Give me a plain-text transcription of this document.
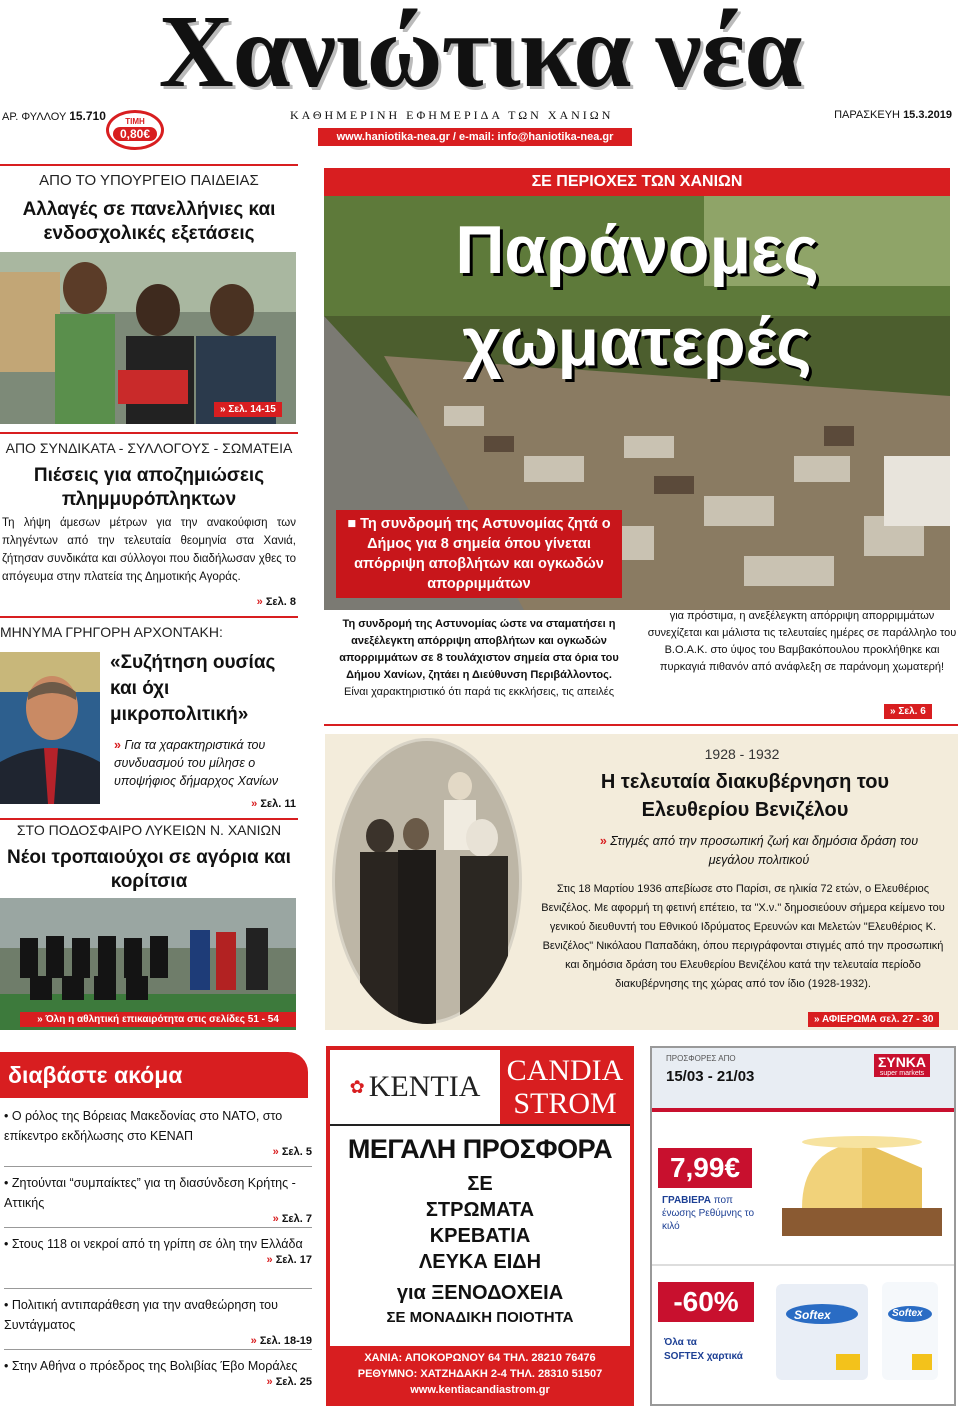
Χανιώτικα νέα
ΑΡ. ΦΥΛΛΟΥ 15.710	ΤΙΜΗ
0,80€
ΚΑΘΗΜΕΡΙΝΗ ΕΦΗΜΕΡΙΔΑ ΤΩΝ ΧΑΝΙΩΝ	ΠΑΡΑΣΚΕΥΗ 15.3.2019
www.haniotika-nea.gr / e-mail: info@haniotika-nea.gr
ΑΠΟ ΤΟ ΥΠΟΥΡΓΕΙΟ ΠΑΙΔΕΙΑΣ
Αλλαγές σε πανελλήνιες και ενδοσχολικές εξετάσεις
» Σελ. 14-15
ΑΠΟ ΣΥΝΔΙΚΑΤΑ - ΣΥΛΛΟΓΟΥΣ - ΣΩΜΑΤΕΙΑ
Πιέσεις για αποζημιώσεις πλημμυρόπληκτων
Τη λήψη άμεσων μέτρων για την ανακούφιση των πληγέντων από την τελευταία θεομηνία στα Χανιά, ζήτησαν συνδικάτα και σύλλογοι που διαδήλωσαν χθες το απόγευμα στην πλατεία της Δημοτικής Αγοράς.
» Σελ. 8
ΜΗΝΥΜΑ ΓΡΗΓΟΡΗ ΑΡΧΟΝΤΑΚΗ:
«Συζήτηση ουσίας και όχι μικροπολιτική»
» Για τα χαρακτηριστικά του συνδυασμού του μίλησε ο υποψήφιος δήμαρχος Χανίων
» Σελ. 11
ΣΤΟ ΠΟΔΟΣΦΑΙΡΟ ΛΥΚΕΙΩΝ Ν. ΧΑΝΙΩΝ
Νέοι τροπαιούχοι σε αγόρια και κορίτσια
» Όλη η αθλητική επικαιρότητα στις σελίδες 51 - 54
ΣΕ ΠΕΡΙΟΧΕΣ ΤΩΝ ΧΑΝΙΩΝ
Παράνομες
χωματερές
■ Τη συνδρομή της Αστυνομίας ζητά ο Δήμος για 8 σημεία όπου γίνεται απόρριψη αποβλήτων και ογκωδών απορριμμάτων
Τη συνδρομή της Αστυνομίας ώστε να σταματήσει η ανεξέλεγκτη απόρριψη αποβλήτων και ογκωδών απορριμμάτων σε 8 τουλάχιστον σημεία στα όρια του Δήμου Χανίων, ζητάει η Διεύθυνση Περιβάλλοντος.
Είναι χαρακτηριστικό ότι παρά τις εκκλήσεις, τις απειλές
για πρόστιμα, η ανεξέλεγκτη απόρριψη απορριμμάτων συνεχίζεται και μάλιστα τις τελευταίες ημέρες σε παράλληλο του Β.Ο.Α.Κ. στο ύψος του Βαμβακόπουλου προκλήθηκε και πυρκαγιά πιθανόν από ανάφλεξη σε παράνομη χωματερή!
» Σελ. 6
1928 - 1932
Η τελευταία διακυβέρνηση του Ελευθερίου Βενιζέλου
» Στιγμές από την προσωπική ζωή και δημόσια δράση του μεγάλου πολιτικού
Στις 18 Μαρτίου 1936 απεβίωσε στο Παρίσι, σε ηλικία 72 ετών, ο Ελευθέριος Βενιζέλος. Με αφορμή τη φετινή επέτειο, τα "Χ.ν." δημοσιεύουν σήμερα κείμενο του γενικού διευθυντή του Εθνικού Ιδρύματος Ερευνών και Μελετών "Ελευθέριος Κ. Βενιζέλος" Νικόλαου Παπαδάκη, όπου περιγράφονται στιγμές από την προσωπική και δημόσια δράση του Ελευθερίου Βενιζέλου κατά την τελευταία περίοδο διακυβέρνησης της χώρας από τον ίδιο (1928-1932).
» ΑΦΙΕΡΩΜΑ σελ. 27 - 30
διαβάστε ακόμα
• Ο ρόλος της Βόρειας Μακεδονίας στο ΝΑΤΟ, στο επίκεντρο εκδήλωσης στο ΚΕΝΑΠ
» Σελ. 5
• Ζητούνται “συμπαίκτες” για τη διασύνδεση Κρήτης - Αττικής
» Σελ. 7
• Στους 118 οι νεκροί από τη γρίπη σε όλη την Ελλάδα
» Σελ. 17
• Πολιτική αντιπαράθεση για την αναθεώρηση του Συντάγματος
» Σελ. 18-19
• Στην Αθήνα ο πρόεδρος της Βολιβίας Έβο Μοράλες
» Σελ. 25
✿ KENTIA CANDIA
STROM
ΜΕΓΑΛΗ ΠΡΟΣΦΟΡΑ
ΣΕ
ΣΤΡΩΜΑΤΑ
ΚΡΕΒΑΤΙΑ
ΛΕΥΚΑ ΕΙΔΗ
για ΞΕΝΟΔΟΧΕΙΑ
ΣΕ ΜΟΝΑΔΙΚΗ ΠΟΙΟΤΗΤΑ
ΧΑΝΙΑ: ΑΠΟΚΟΡΩΝΟΥ 64 ΤΗΛ. 28210 76476
ΡΕΘΥΜΝΟ: ΧΑΤΖΗΔΑΚΗ 2-4 ΤΗΛ. 28310 51507
www.kentiacandiastrom.gr
ΠΡΟΣΦΟΡΕΣ ΑΠΟ
15/03 - 21/03
ΣΥΝΚΑ
super markets
7,99€
ΓΡΑΒΙΕΡΑ ποπ ένωσης Ρεθύμνης το κιλό
-60%
Όλα τα
SOFTEX χαρτικά
Softex	Softex
